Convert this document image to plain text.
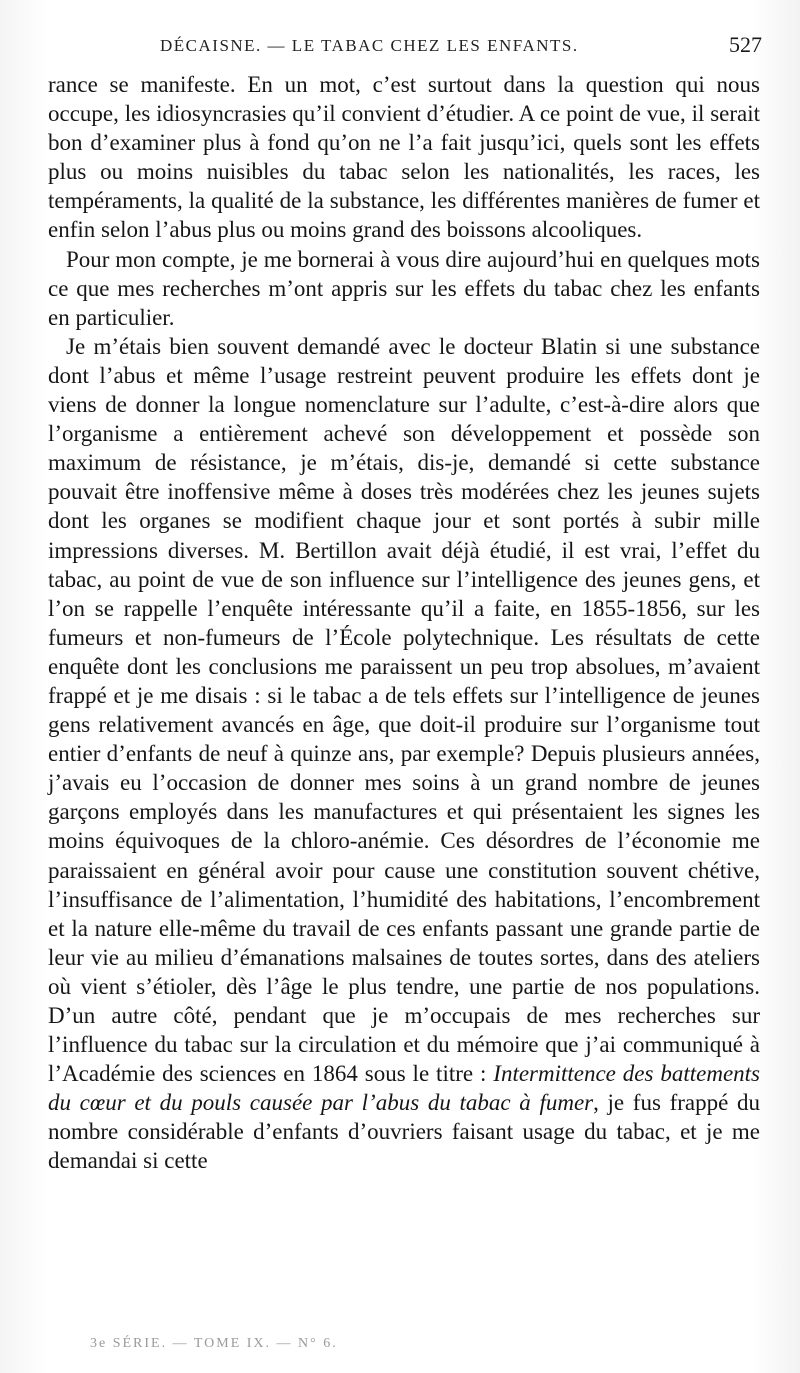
DÉCAISNE. — LE TABAC CHEZ LES ENFANTS.	527

rance se manifeste. En un mot, c’est surtout dans la question qui nous occupe, les idiosyncrasies qu’il convient d’étudier. A ce point de vue, il serait bon d’examiner plus à fond qu’on ne l’a fait jusqu’ici, quels sont les effets plus ou moins nuisibles du tabac selon les nationalités, les races, les tempéraments, la qualité de la substance, les différentes manières de fumer et enfin selon l’abus plus ou moins grand des boissons alcooliques.

Pour mon compte, je me bornerai à vous dire aujourd’hui en quelques mots ce que mes recherches m’ont appris sur les effets du tabac chez les enfants en particulier.

Je m’étais bien souvent demandé avec le docteur Blatin si une substance dont l’abus et même l’usage restreint peuvent produire les effets dont je viens de donner la longue nomenclature sur l’adulte, c’est-à-dire alors que l’organisme a entièrement achevé son développement et possède son maximum de résistance, je m’étais, dis-je, demandé si cette substance pouvait être inoffensive même à doses très modérées chez les jeunes sujets dont les organes se modifient chaque jour et sont portés à subir mille impressions diverses. M. Bertillon avait déjà étudié, il est vrai, l’effet du tabac, au point de vue de son influence sur l’intelligence des jeunes gens, et l’on se rappelle l’enquête intéressante qu’il a faite, en 1855-1856, sur les fumeurs et non-fumeurs de l’École polytechnique. Les résultats de cette enquête dont les conclusions me paraissent un peu trop absolues, m’avaient frappé et je me disais : si le tabac a de tels effets sur l’intelligence de jeunes gens relativement avancés en âge, que doit-il produire sur l’organisme tout entier d’enfants de neuf à quinze ans, par exemple? Depuis plusieurs années, j’avais eu l’occasion de donner mes soins à un grand nombre de jeunes garçons employés dans les manufactures et qui présentaient les signes les moins équivoques de la chloro-anémie. Ces désordres de l’économie me paraissaient en général avoir pour cause une constitution souvent chétive, l’insuffisance de l’alimentation, l’humidité des habitations, l’encombrement et la nature elle-même du travail de ces enfants passant une grande partie de leur vie au milieu d’émanations malsaines de toutes sortes, dans des ateliers où vient s’étioler, dès l’âge le plus tendre, une partie de nos populations. D’un autre côté, pendant que je m’occupais de mes recherches sur l’influence du tabac sur la circulation et du mémoire que j’ai communiqué à l’Académie des sciences en 1864 sous le titre : Intermittence des battements du cœur et du pouls causée par l’abus du tabac à fumer, je fus frappé du nombre considérable d’enfants d’ouvriers faisant usage du tabac, et je me demandai si cette

3e SÉRIE. — TOME IX. — N° 6.
